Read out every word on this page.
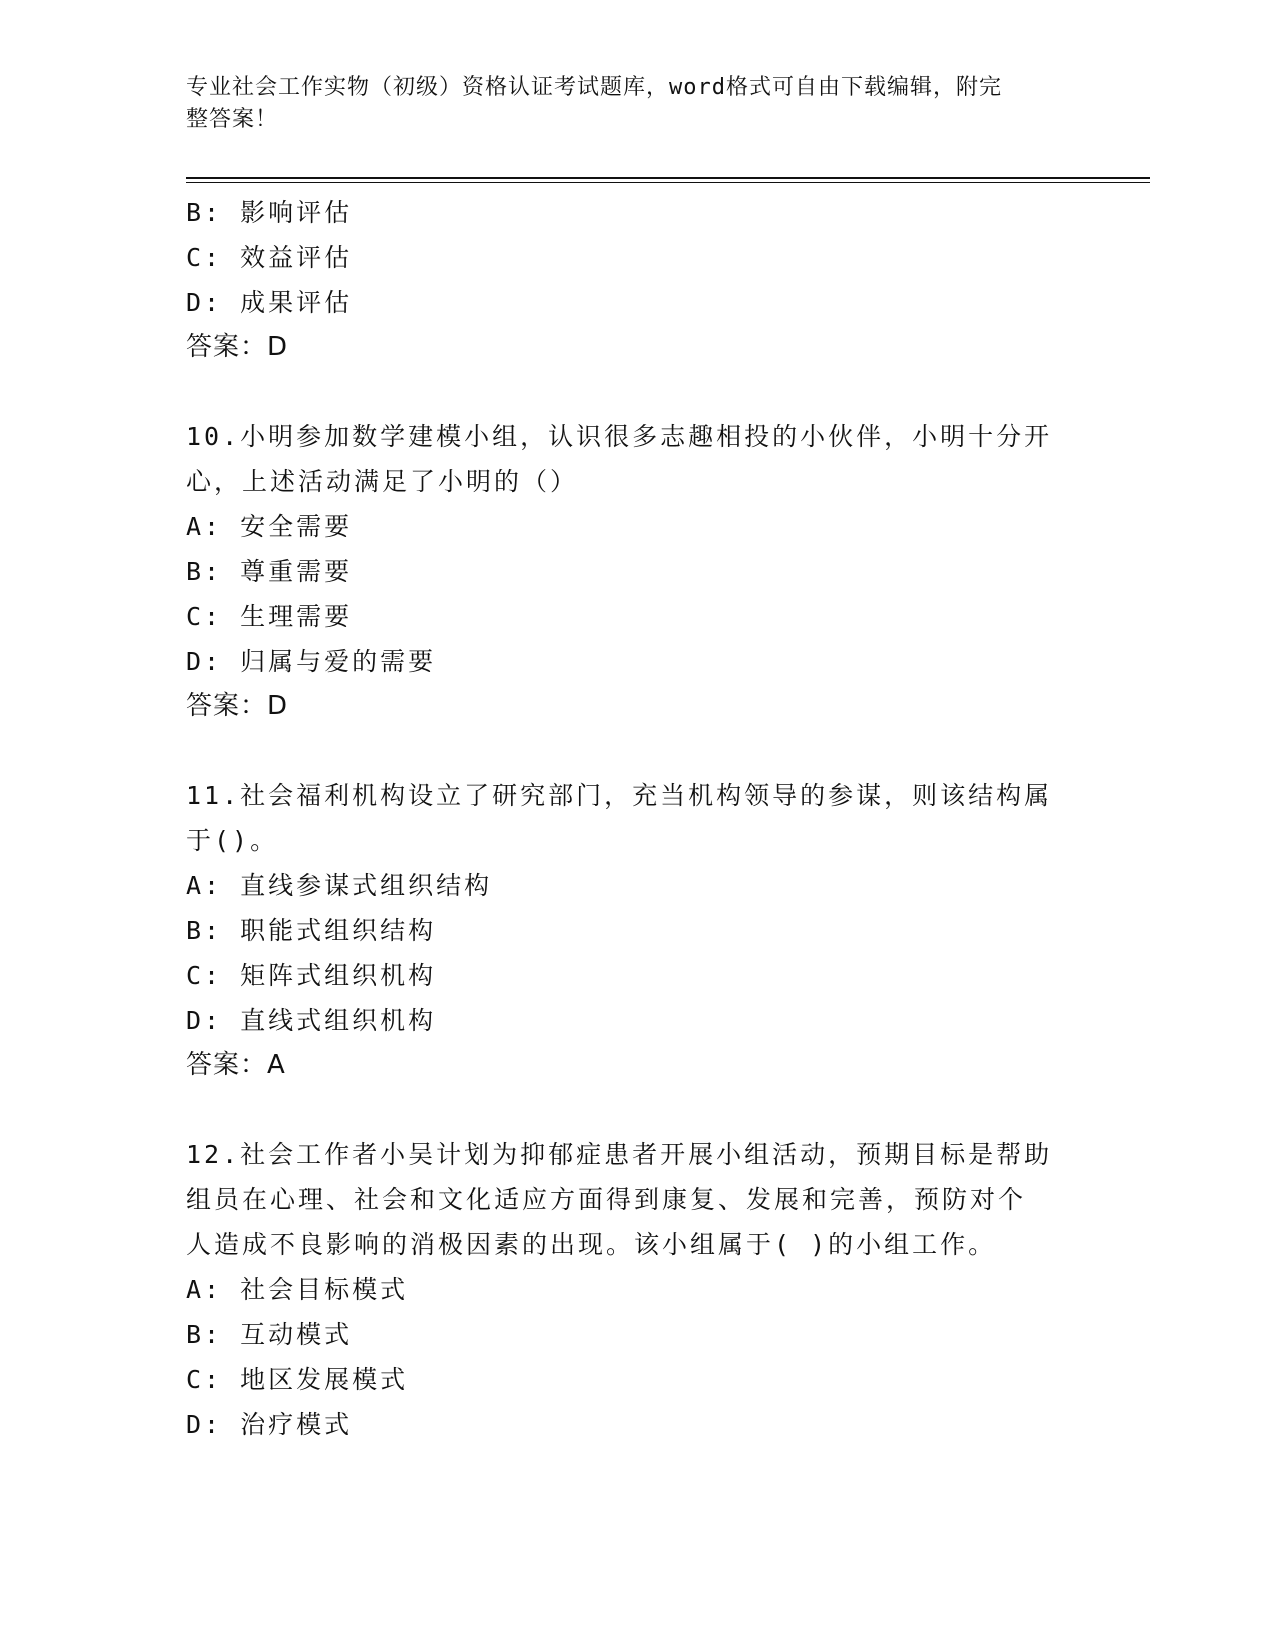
专业社会工作实物（初级）资格认证考试题库，word格式可自由下载编辑，附完
整答案！
B: 影响评估
C: 效益评估
D: 成果评估
答案：D
10.小明参加数学建模小组，认识很多志趣相投的小伙伴，小明十分开
心，上述活动满足了小明的（）
A: 安全需要
B: 尊重需要
C: 生理需要
D: 归属与爱的需要
答案：D
11.社会福利机构设立了研究部门，充当机构领导的参谋，则该结构属
于()。
A: 直线参谋式组织结构
B: 职能式组织结构
C: 矩阵式组织机构
D: 直线式组织机构
答案：A
12.社会工作者小吴计划为抑郁症患者开展小组活动，预期目标是帮助
组员在心理、社会和文化适应方面得到康复、发展和完善，预防对个
人造成不良影响的消极因素的出现。该小组属于( )的小组工作。
A: 社会目标模式
B: 互动模式
C: 地区发展模式
D: 治疗模式
